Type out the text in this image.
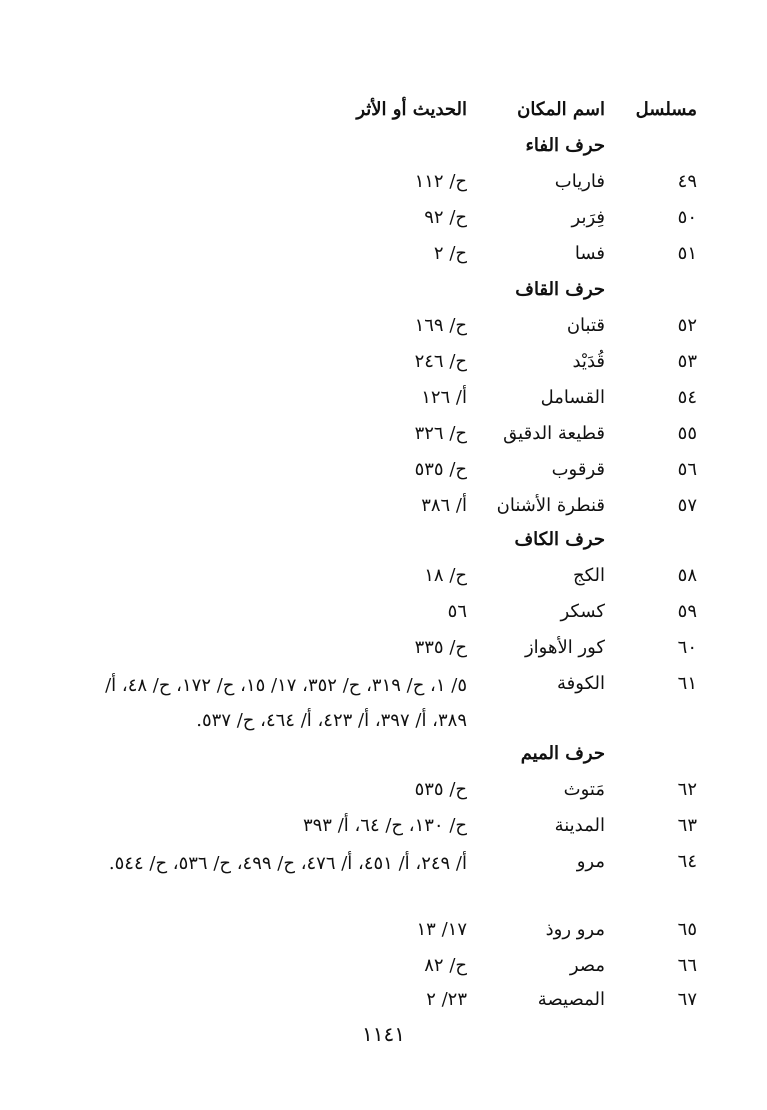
مسلسل
اسم المكان
الحديث أو الأثر
حرف الفاء
٤٩
فارياب
ح/ ١١٢
٥٠
فِرَبر
ح/ ٩٢
٥١
فسا
ح/ ٢
حرف القاف
٥٢
قتبان
ح/ ١٦٩
٥٣
قُدَيْد
ح/ ٢٤٦
٥٤
القسامل
أ/ ١٢٦
٥٥
قطيعة الدقيق
ح/ ٣٢٦
٥٦
قرقوب
ح/ ٥٣٥
٥٧
قنطرة الأشنان
أ/ ٣٨٦
حرف الكاف
٥٨
الكج
ح/ ١٨
٥٩
كسكر
٥٦
٦٠
كور الأهواز
ح/ ٣٣٥
٦١
الكوفة
٥/ ١، ح/ ٣١٩، ح/ ٣٥٢، ١٧/ ١٥، ح/ ١٧٢، ح/ ٤٨، أ/ ٣٨٩، أ/ ٣٩٧، أ/ ٤٢٣، أ/ ٤٦٤، ح/ ٥٣٧.
حرف الميم
٦٢
مَتوث
ح/ ٥٣٥
٦٣
المدينة
ح/ ١٣٠، ح/ ٦٤، أ/ ٣٩٣
٦٤
مرو
أ/ ٢٤٩، أ/ ٤٥١، أ/ ٤٧٦، ح/ ٤٩٩، ح/ ٥٣٦، ح/ ٥٤٤.
٦٥
مرو روذ
١٧/ ١٣
٦٦
مصر
ح/ ٨٢
٦٧
المصيصة
٢٣/ ٢
١١٤١
